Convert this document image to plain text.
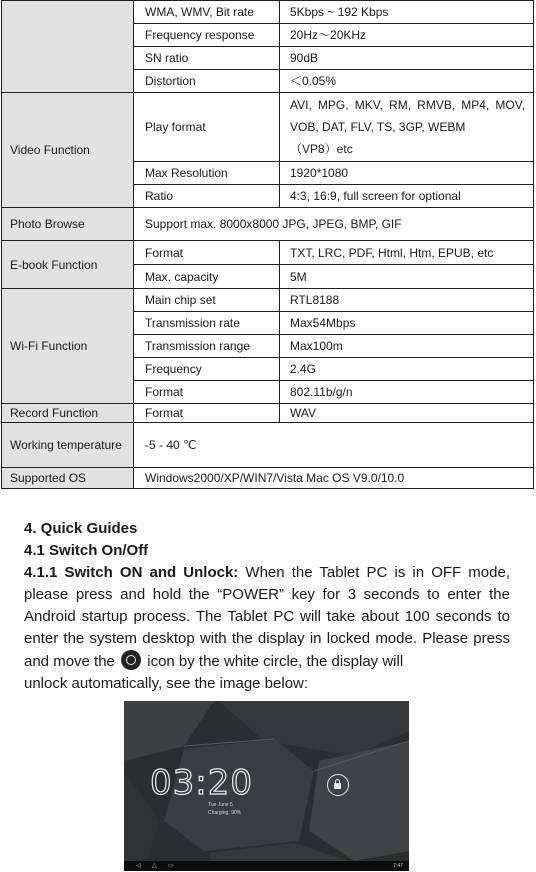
	WMA, WMV, Bit rate	5Kbps ~ 192 Kbps
	Frequency response	20Hz～20KHz
	SN ratio	90dB
	Distortion	＜0.05%
Video Function	Play format	AVI, MPG, MKV, RM, RMVB, MP4, MOV, VOB, DAT, FLV, TS, 3GP, WEBM
（VP8）etc

	Max Resolution	1920*1080
	Ratio	4:3, 16:9, full screen for optional
Photo Browse	Support max. 8000x8000 JPG, JPEG, BMP, GIF	
E-book Function	Format	TXT, LRC, PDF, Html, Htm, EPUB, etc
	Max. capacity	5M
Wi-Fi Function	Main chip set	RTL8188
	Transmission rate	Max54Mbps
	Transmission range	Max100m
	Frequency	2.4G
	Format	802.11b/g/n
Record Function	Format	WAV
Working temperature	-5 - 40 ℃	
Supported OS	Windows2000/XP/WIN7/Vista Mac OS V9.0/10.0	
4. Quick Guides
4.1 Switch On/Off
4.1.1 Switch ON and Unlock: When the Tablet PC is in OFF mode, please press and hold the “POWER” key for 3 seconds to enter the Android startup process. The Tablet PC will take about 100 seconds to enter the system desktop with the display in locked mode. Please press and move the  icon by the white circle, the display will
unlock automatically, see the image below:
03:20
Tue June 5
Charging, 90%
◁ △ ▭	7:47
